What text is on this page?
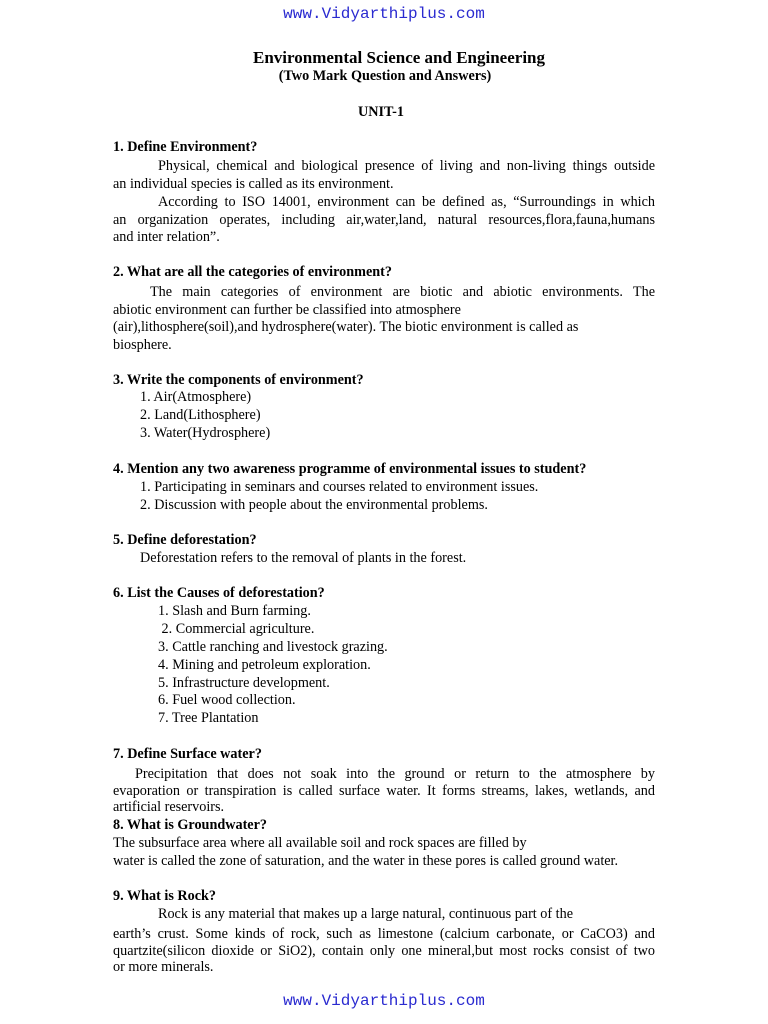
www.Vidyarthiplus.com
Environmental Science and Engineering
(Two Mark Question and Answers)
UNIT-1
1. Define Environment?
Physical, chemical and biological presence of living and non-living things outside
an individual species is called as its environment.
According to ISO 14001, environment can be defined as, “Surroundings in which
an organization operates, including air,water,land, natural resources,flora,fauna,humans
and inter relation”.
2. What are all the categories of environment?
The main categories of environment are biotic and abiotic environments. The
abiotic environment can further be classified into atmosphere
(air),lithosphere(soil),and hydrosphere(water). The biotic environment is called as
biosphere.
3. Write the components of environment?
1. Air(Atmosphere)
2. Land(Lithosphere)
3. Water(Hydrosphere)
4. Mention any two awareness programme of environmental issues to student?
1. Participating in seminars and courses related to environment issues.
2. Discussion with people about the environmental problems.
5. Define deforestation?
Deforestation refers to the removal of plants in the forest.
6. List the Causes of deforestation?
1. Slash and Burn farming.
2. Commercial agriculture.
3. Cattle ranching and livestock grazing.
4. Mining and petroleum exploration.
5. Infrastructure development.
6. Fuel wood collection.
7. Tree Plantation
7. Define Surface water?
Precipitation that does not soak into the ground or return to the atmosphere by
evaporation or transpiration is called surface water. It forms streams, lakes, wetlands, and
artificial reservoirs.
8. What is Groundwater?
The subsurface area where all available soil and rock spaces are filled by
water is called the zone of saturation, and the water in these pores is called ground water.
9. What is Rock?
Rock is any material that makes up a large natural, continuous part of the
earth’s crust. Some kinds of rock, such as limestone (calcium carbonate, or CaCO3) and
quartzite(silicon dioxide or SiO2), contain only one mineral,but most rocks consist of two
or more minerals.
www.Vidyarthiplus.com
